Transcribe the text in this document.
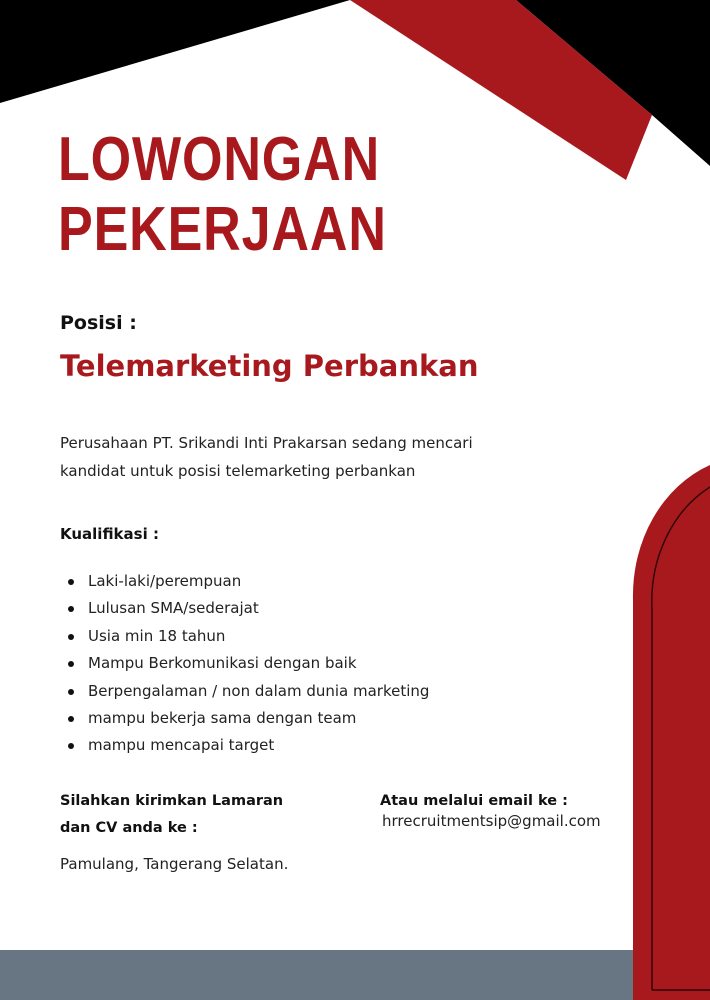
LOWONGAN
PEKERJAAN
Posisi :
Telemarketing Perbankan
Perusahaan PT. Srikandi Inti Prakarsan sedang mencari
kandidat untuk posisi telemarketing perbankan
Kualifikasi :
Laki-laki/perempuan
Lulusan SMA/sederajat
Usia min 18 tahun
Mampu Berkomunikasi dengan baik
Berpengalaman / non dalam dunia marketing
mampu bekerja sama dengan team
mampu mencapai target
Silahkan kirimkan Lamaran
dan CV anda ke :
Pamulang, Tangerang Selatan.
Atau melalui email ke :
hrrecruitmentsip@gmail.com
